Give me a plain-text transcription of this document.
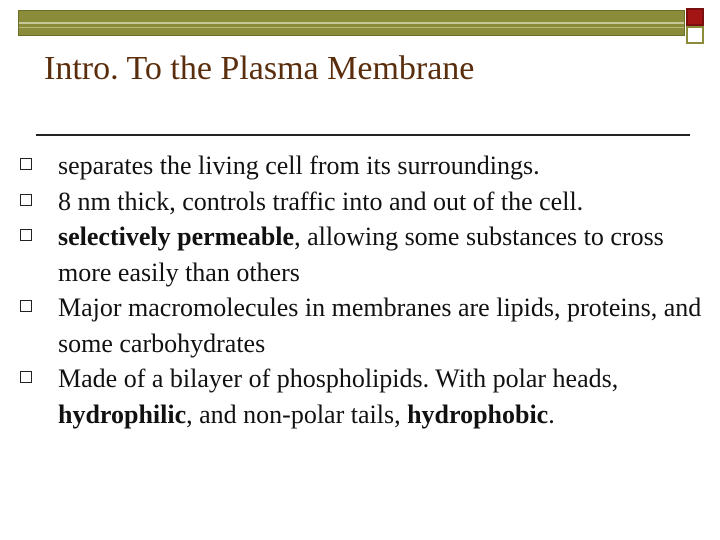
Intro. To the Plasma Membrane
separates the living cell from its surroundings.
8 nm thick, controls traffic into and out of the cell.
selectively permeable, allowing some substances to cross more easily than others
Major macromolecules in membranes are lipids, proteins, and some carbohydrates
Made of a bilayer of phospholipids. With polar heads, hydrophilic, and non-polar tails, hydrophobic.
